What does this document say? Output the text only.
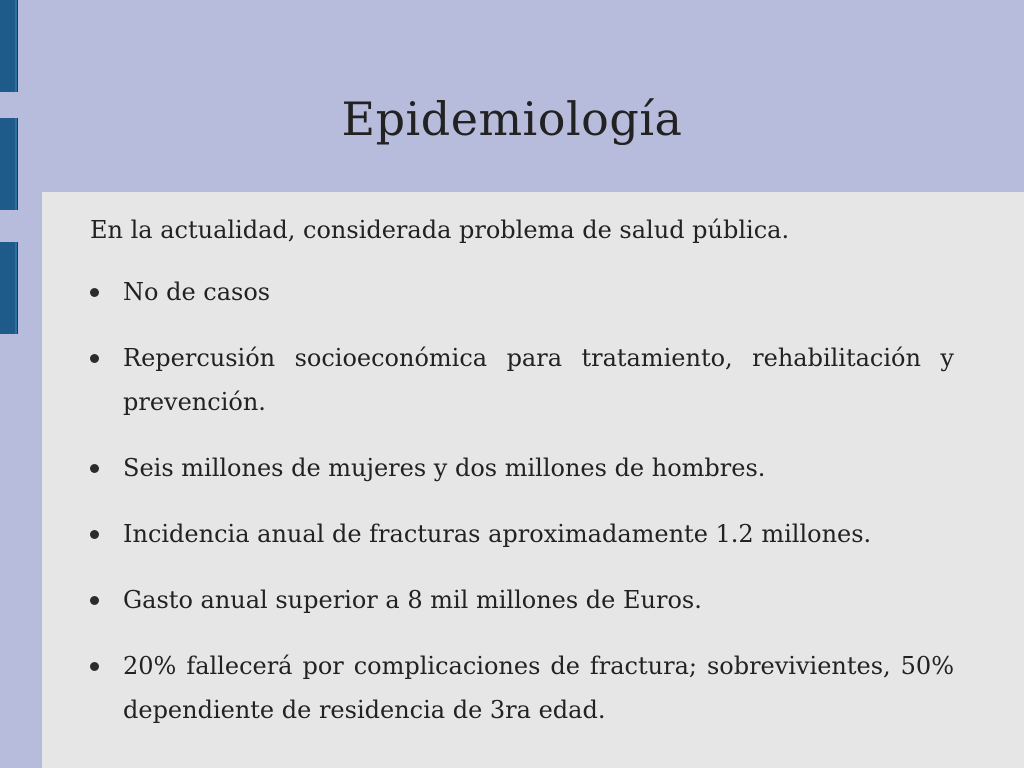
Epidemiología

En la actualidad, considerada problema de salud pública.

No de casos
Repercusión socioeconómica para tratamiento, rehabilitación y prevención.
Seis millones de mujeres y dos millones de hombres.
Incidencia anual de fracturas aproximadamente 1.2 millones.
Gasto anual superior a 8 mil millones de Euros.
20% fallecerá por complicaciones de fractura; sobrevivientes, 50% dependiente de residencia de 3ra edad.
